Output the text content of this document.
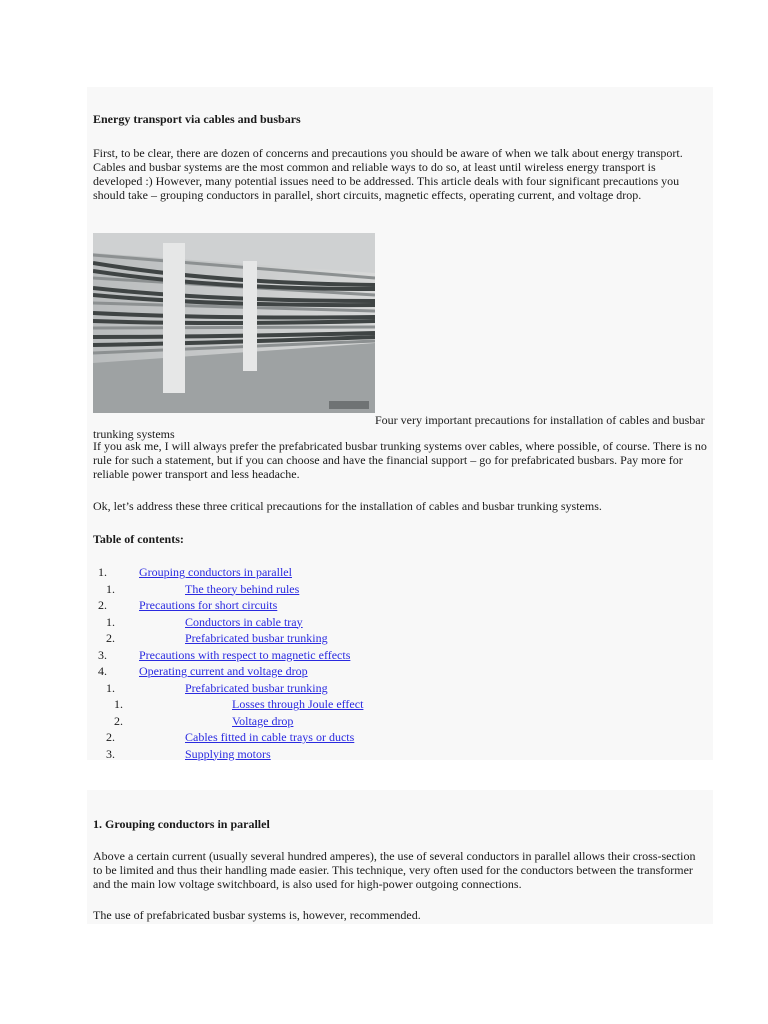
Energy transport via cables and busbars

First, to be clear, there are dozen of concerns and precautions you should be aware of when we talk about energy transport. Cables and busbar systems are the most common and reliable ways to do so, at least until wireless energy transport is developed :) However, many potential issues need to be addressed. This article deals with four significant precautions you should take – grouping conductors in parallel, short circuits, magnetic effects, operating current, and voltage drop.

Four very important precautions for installation of cables and busbar trunking systems

If you ask me, I will always prefer the prefabricated busbar trunking systems over cables, where possible, of course. There is no rule for such a statement, but if you can choose and have the financial support – go for prefabricated busbars. Pay more for reliable power transport and less headache.

Ok, let’s address these three critical precautions for the installation of cables and busbar trunking systems.

Table of contents:
1.	Grouping conductors in parallel
1.	The theory behind rules
2.	Precautions for short circuits
1.	Conductors in cable tray
2.	Prefabricated busbar trunking
3.	Precautions with respect to magnetic effects
4.	Operating current and voltage drop
1.	Prefabricated busbar trunking
1.	Losses through Joule effect
2.	Voltage drop
2.	Cables fitted in cable trays or ducts
3.	Supplying motors
1. Grouping conductors in parallel

Above a certain current (usually several hundred amperes), the use of several conductors in parallel allows their cross-section to be limited and thus their handling made easier. This technique, very often used for the conductors between the transformer and the main low voltage switchboard, is also used for high-power outgoing connections.

The use of prefabricated busbar systems is, however, recommended.
